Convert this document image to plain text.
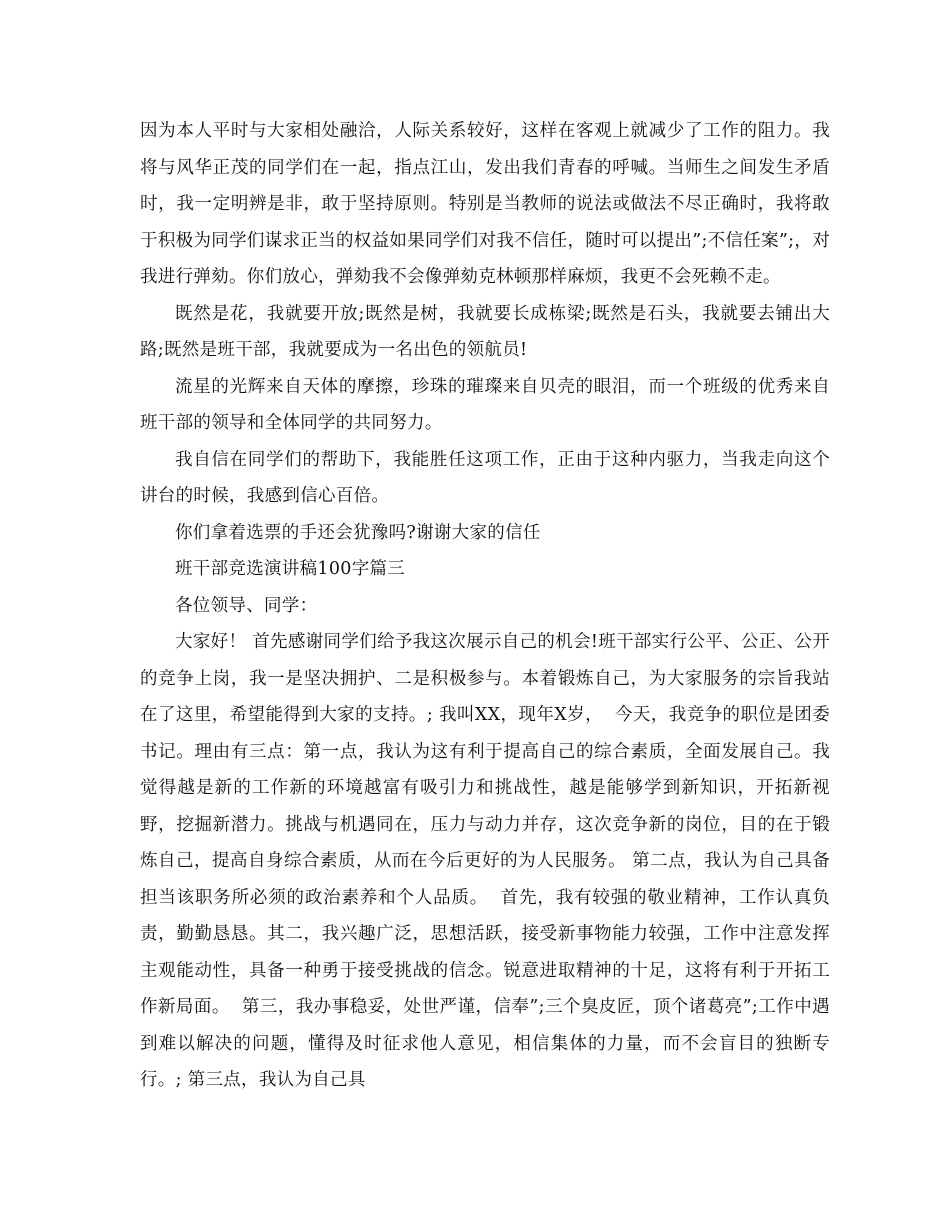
因为本人平时与大家相处融洽，人际关系较好，这样在客观上就减少了工作的阻力。我将与风华正茂的同学们在一起，指点江山，发出我们青春的呼喊。当师生之间发生矛盾时，我一定明辨是非，敢于坚持原则。特别是当教师的说法或做法不尽正确时，我将敢于积极为同学们谋求正当的权益如果同学们对我不信任，随时可以提出”;不信任案”;，对我进行弹劾。你们放心，弹劾我不会像弹劾克林顿那样麻烦，我更不会死赖不走。

既然是花，我就要开放;既然是树，我就要长成栋梁;既然是石头，我就要去铺出大路;既然是班干部，我就要成为一名出色的领航员!

流星的光辉来自天体的摩擦，珍珠的璀璨来自贝壳的眼泪，而一个班级的优秀来自班干部的领导和全体同学的共同努力。

我自信在同学们的帮助下，我能胜任这项工作，正由于这种内驱力，当我走向这个讲台的时候，我感到信心百倍。

你们拿着选票的手还会犹豫吗?谢谢大家的信任

班干部竞选演讲稿100字篇三

各位领导、同学：

大家好！ 首先感谢同学们给予我这次展示自己的机会!班干部实行公平、公正、公开的竞争上岗，我一是坚决拥护、二是积极参与。本着锻炼自己，为大家服务的宗旨我站在了这里，希望能得到大家的支持。; 我叫XX，现年X岁，  今天，我竞争的职位是团委书记。理由有三点：第一点，我认为这有利于提高自己的综合素质，全面发展自己。我觉得越是新的工作新的环境越富有吸引力和挑战性，越是能够学到新知识，开拓新视野，挖掘新潜力。挑战与机遇同在，压力与动力并存，这次竞争新的岗位，目的在于锻炼自己，提高自身综合素质，从而在今后更好的为人民服务。 第二点，我认为自己具备担当该职务所必须的政治素养和个人品质。  首先，我有较强的敬业精神，工作认真负责，勤勤恳恳。其二，我兴趣广泛，思想活跃，接受新事物能力较强，工作中注意发挥主观能动性，具备一种勇于接受挑战的信念。锐意进取精神的十足，这将有利于开拓工作新局面。  第三，我办事稳妥，处世严谨，信奉”;三个臭皮匠，顶个诸葛亮”;工作中遇到难以解决的问题，懂得及时征求他人意见，相信集体的力量，而不会盲目的独断专行。; 第三点，我认为自己具
